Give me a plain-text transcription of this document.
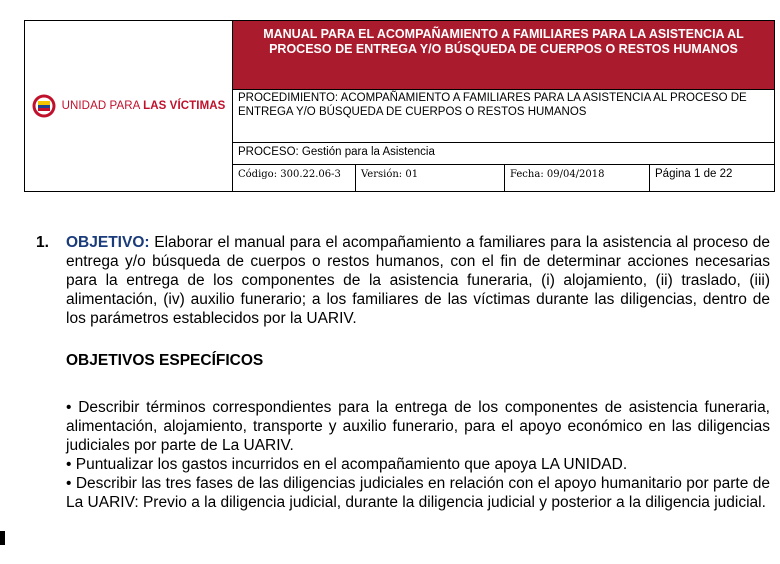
UNIDAD PARA LAS VÍCTIMAS
MANUAL PARA EL ACOMPAÑAMIENTO A FAMILIARES PARA LA ASISTENCIA AL PROCESO DE ENTREGA Y/O BÚSQUEDA DE CUERPOS O RESTOS HUMANOS
PROCEDIMIENTO: ACOMPAÑAMIENTO A FAMILIARES PARA LA ASISTENCIA AL PROCESO DE ENTREGA Y/O BÚSQUEDA DE CUERPOS O RESTOS HUMANOS
PROCESO: Gestión para la Asistencia
Código: 300.22.06-3	Versión: 01	Fecha: 09/04/2018	Página 1 de 22
1.	OBJETIVO: Elaborar el manual para el acompañamiento a familiares para la asistencia al proceso de entrega y/o búsqueda de cuerpos o restos humanos, con el fin de determinar acciones necesarias para la entrega de los componentes de la asistencia funeraria, (i) alojamiento, (ii) traslado, (iii) alimentación, (iv) auxilio funerario; a los familiares de las víctimas durante las diligencias, dentro de los parámetros establecidos por la UARIV.

OBJETIVOS ESPECÍFICOS

• Describir términos correspondientes para la entrega de los componentes de asistencia funeraria, alimentación, alojamiento, transporte y auxilio funerario, para el apoyo económico en las diligencias judiciales por parte de La UARIV.

• Puntualizar los gastos incurridos en el acompañamiento que apoya LA UNIDAD.

• Describir las tres fases de las diligencias judiciales en relación con el apoyo humanitario por parte de La UARIV: Previo a la diligencia judicial, durante la diligencia judicial y posterior a la diligencia judicial.
